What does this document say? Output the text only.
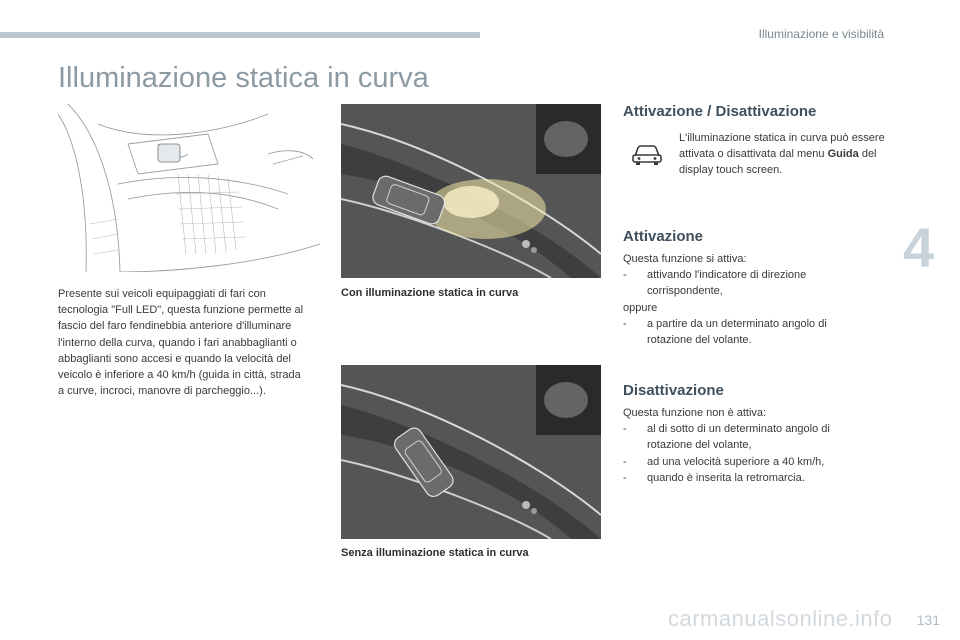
Illuminazione e visibilità
4
Illuminazione statica in curva
Presente sui veicoli equipaggiati di fari con tecnologia "Full LED", questa funzione permette al fascio del faro fendinebbia anteriore d'illuminare l'interno della curva, quando i fari anabbaglianti o abbaglianti sono accesi e quando la velocità del veicolo è inferiore a 40 km/h (guida in città, strada a curve, incroci, manovre di parcheggio...).
Con illuminazione statica in curva
Senza illuminazione statica in curva
Attivazione / Disattivazione
L'illuminazione statica in curva può essere attivata o disattivata dal menu Guida del display touch screen.
Attivazione

Questa funzione si attiva:

- attivando l'indicatore di direzione corrispondente,

oppure

- a partire da un determinato angolo di rotazione del volante.
Disattivazione

Questa funzione non è attiva:

- al di sotto di un determinato angolo di rotazione del volante,
- ad una velocità superiore a 40 km/h,
- quando è inserita la retromarcia.
carmanualsonline.info 131
